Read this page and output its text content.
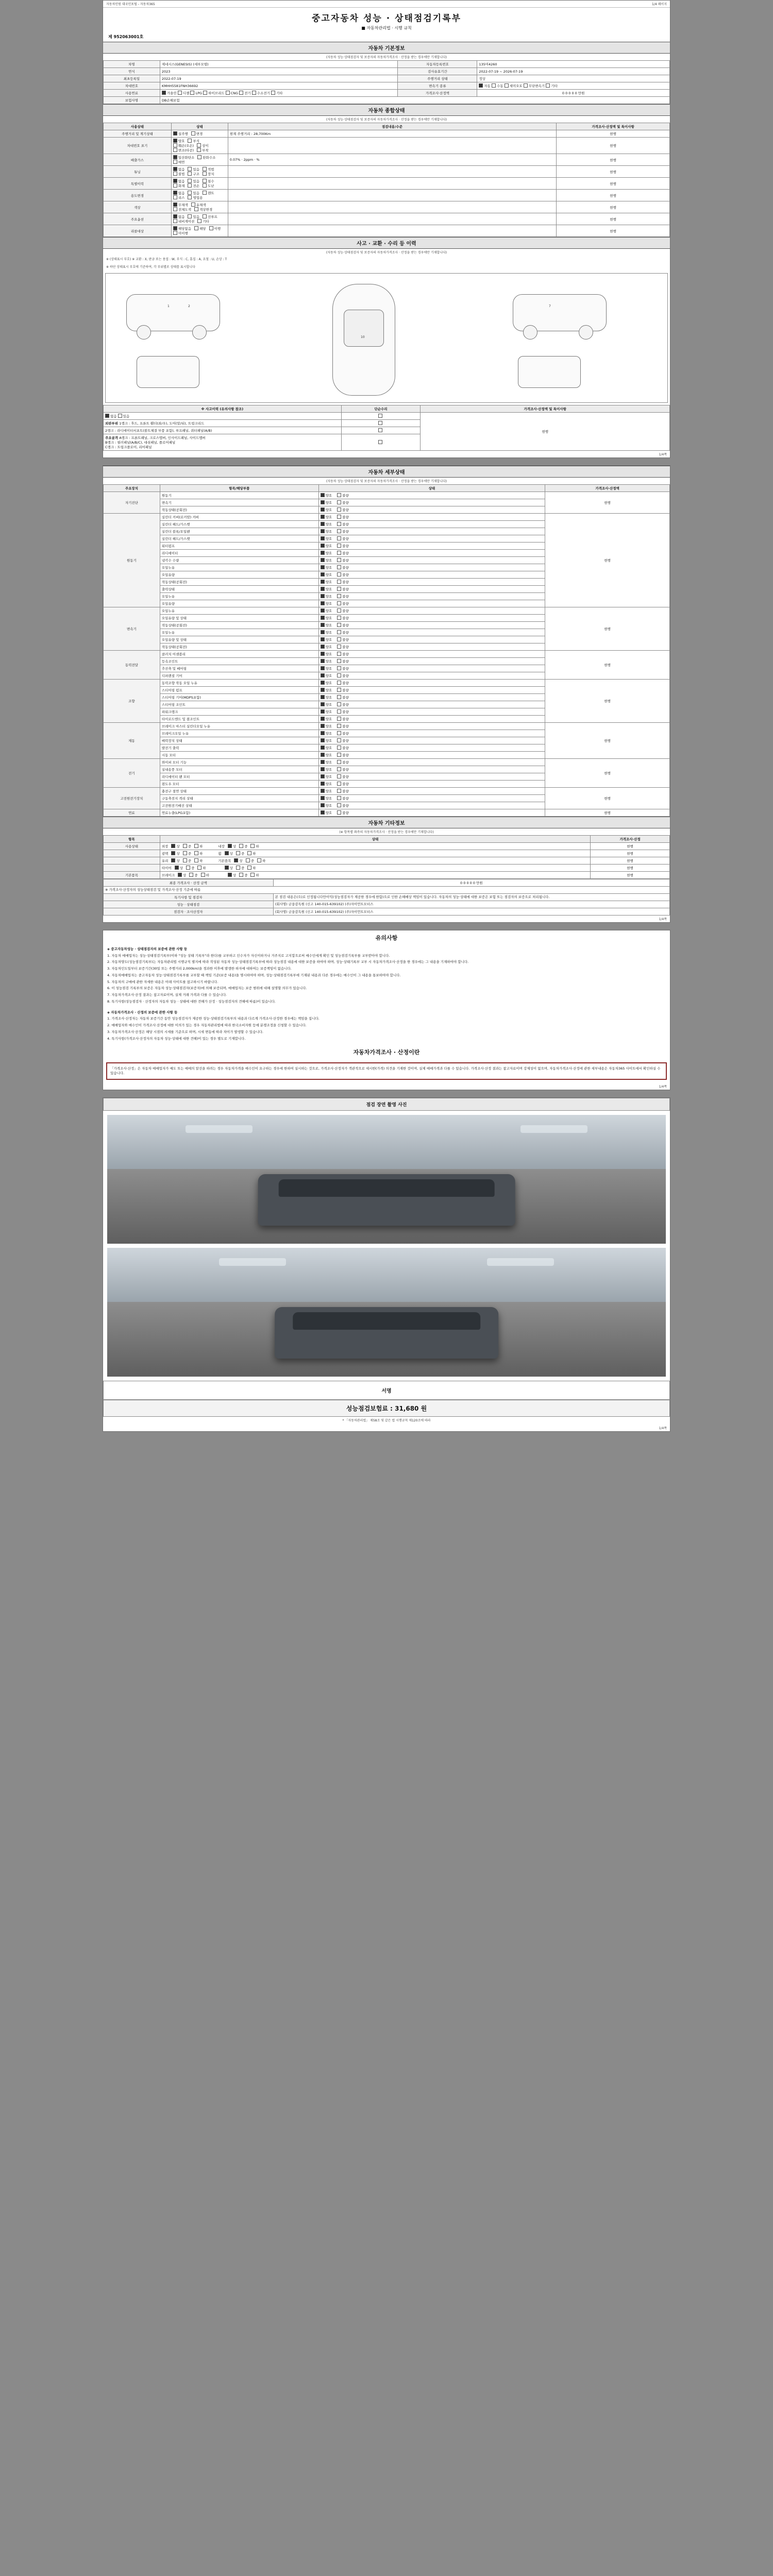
자동차민원 대국민포털 - 자동차365	1/4 페이지
중고자동차 성능 · 상태점검기록부
■ 자동차관리법 · 시행 규칙
제 952063001호
자동차 기본정보
(자동차 성능·상태점검자 및 보증자의 자동차가격조사 · 산정을 받는 경우에만 기재합니다)
차명	제네시스(GENESIS) (세부모델)	자동차등록번호	135머4260
연식	2023	검사유효기간	2022-07-19 ~ 2026-07-19
최초등록일	2022-07-19	주행거리 상태	정상
차대번호	KMHH5581FNH36692	변속기 종류	자동 수동 세미오토 무단변속기 기타
사용연료	가솔린 디젤 LPG 하이브리드 CNG 전기 수소전기 기타	가격조사·산정액	0 0 0 0 0 만원
보험사명	DB손해보험		
자동차 종합상태
(자동차 성능·상태점검자 및 보증자의 자동차가격조사 · 산정을 받는 경우에만 기재합니다)
사용상태	상태	점검내용/수준	가격조사·산정액 및 특이사항
주행거리 및 계기상태	실주행 변경	현재 주행거리 : 28,700Km	현행
차대번호 표기	양호 부식훼손(오손) 상이변조(타공) 부착		현행
배출가스	일산화탄소 탄화수소매연	0.07% · 2ppm · %	현행
튜닝	없음 있음 적법불법 구조 장치		현행
특별이력	없음 있음 침수화재 전손 도난		현행
용도변경	없음 있음 렌트리스 영업용		현행
색상	무채색 유채색전체도색 색상변경		현행
주요옵션	없음 있음 선루프내비게이션 기타		현행
리콜대상	해당없음 해당 이행미이행		현행
사고 · 교환 · 수리 등 이력
(자동차 성능·상태점검자 및 보증자의 자동차가격조사 · 산정을 받는 경우에만 기재합니다)
※ (상태표시 부호) ※ 교환 : X, 판금 또는 용접 : W, 부식 : C, 흠집 : A, 요철 : U, 손상 : T
※ 하단 상태표시 부호에 기준하여, 각 부위별로 상태를 표시합니다
1	2
10
7
※ 사고이력 (유의사항 참조)	단순수리	가격조사·산정액 및 특이사항
없음 있음		현행
외판부위 1랭크 : 후드, 프론트 휀더(좌/우), 도어(앞/뒤), 트렁크리드		
2랭크 : 라디에이터서포트(볼트체결 부품 포함), 루프패널, 쿼터패널(A/B)		
주요골격 A랭크 : 프론트패널, 크로스멤버, 인사이드패널, 사이드멤버
B랭크 : 필러패널(A/B/C), 대쉬패널, 플로어패널
C랭크 : 트렁크플로어, 리어패널		
1/4쪽
자동차 세부상태
(자동차 성능·상태점검자 및 보증자의 자동차가격조사 · 산정을 받는 경우에만 기재합니다)
주요장치	항목/해당부품	상태	가격조사·산정액
자기진단	원동기	양호 불량	현행
	변속기	양호 불량	
	작동상태(공회전)	양호 불량	
원동기	실린더 커버(로커암) 커버	양호 불량	현행
	실린더 헤드/가스켓	양호 불량	
	실린더 블록/오일팬	양호 불량	
	실린더 헤드/가스켓	양호 불량	
	워터펌프	양호 불량	
	라디에이터	양호 불량	
	냉각수 수량	양호 불량	
	오일누유	양호 불량	
	오일유량	양호 불량	
	작동상태(공회전)	양호 불량	
	출력상태	양호 불량	
	오일누유	양호 불량	
	오일유량	양호 불량	
변속기	오일누유	양호 불량	현행
	오일유량 및 상태	양호 불량	
	작동상태(공회전)	양호 불량	
	오일누유	양호 불량	
	오일유량 및 상태	양호 불량	
	작동상태(공회전)	양호 불량	
동력전달	클러치 어셈블리	양호 불량	현행
	등속조인트	양호 불량	
	추진축 및 베어링	양호 불량	
	디퍼렌셜 기어	양호 불량	
조향	동력조향 작동 오일 누유	양호 불량	현행
	스티어링 펌프	양호 불량	
	스티어링 기어(MDPS포함)	양호 불량	
	스티어링 조인트	양호 불량	
	파워크랭크	양호 불량	
	타이로드엔드 및 볼조인트	양호 불량	
제동	브레이크 마스터 실린더오일 누유	양호 불량	현행
	브레이크오일 누유	양호 불량	
	배력장치 상태	양호 불량	
	발전기 출력	양호 불량	
	시동 모터	양호 불량	
전기	와이퍼 모터 기능	양호 불량	현행
	실내송풍 모터	양호 불량	
	라디에이터 팬 모터	양호 불량	
	윈도우 모터	양호 불량	
고전원전기장치	충전구 절연 상태	양호 불량	현행
	구동축전지 격리 상태	양호 불량	
	고전원전기배선 상태	양호 불량	
연료	연료누출(LPG포함)	양호 불량	현행
자동차 기타정보
(※ 항목별 좌측의 자동차가격조사 · 산정을 받는 경우에만 기재합니다)
항목	상태	가격조사·산정
사용상태	외장 상 중 하 내장 상 중 하	현행
	광택 상 중 하 휠 상 중 하	현행
	유리 상 중 하 기본품목 상 중 하	현행
	타이어 상 중 하 상 중 하	현행
기본품목	브레이크 상 중 하 상 중 하	현행
최종 가격조사 · 산정 금액	0 0 0 0 0 만원
※ 가격조사·산정자의 성능상태점검 및 가격조사·산정 기준에 따름	
특기사항 및 점검자	본 점검 내용은(으)로 인정됩니다만이익(성능점검자가 제공한 경우에 한함)으로 인한 손해배상 책임이 있습니다. 자동차의 성능·상태에 대한 보증은 보험 또는 점검자의 보증으로 처리됩니다.
성능 · 상태점검	(회사명) 금융감독원 (신고 140-015-639102) (주)자이언트모터스
점검자 · 조사산정자	(회사명) 금융감독원 (신고 140-015-639102) (주)자이언트모터스
1/4쪽
유의사항

◈ 중고자동차성능 · 상태점검자의 보증에 관한 사항 등

1. 자동차 매매업자는 성능·상태점검기록부(이하 "성능 상태 기록부"라 한다)를 교부하고 인수자가 자신이하거나 거주지로 고지합으로써 매수인에게 확인 및 성능점검기록부를 교부받아야 합니다.

2. 자동차양도(성능점검기록부)는 자동차관리법 시행규칙 별지에 따라 작성된 자동차 성능·상태점검기록부에 따라 성능점검 내용에 대한 보증을 하여야 하며, 성능·상태기록부 교부 시 자동차가격조사·산정을 한 경우에는 그 내용을 기재하여야 합니다.

3. 자동차인도일부터 보증기간(30일 또는 주행거리 2,000km)을 경과한 이후에 발생한 하자에 대하여는 보증책임이 없습니다.

4. 자동차매매업자는 중고자동차 성능·상태점검기록부를 교부할 때 책임 기준(보증 내용)을 명시하여야 하며, 성능·상태점검기록부에 기재된 내용과 다른 경우에는 매수인이 그 내용을 통보하여야 합니다.

5. 자동차의 구매에 관한 자세한 내용은 아래 사이트를 참고하시기 바랍니다.

6. 이 성능점검 기록부의 보증은 자동차 성능·상태점검자(보증자)에 의해 보증되며, 매매업자는 보증 범위에 대해 설명할 의무가 있습니다.

7. 자동차가격조사·산정 결과는 참고자료이며, 실제 거래 가격과 다를 수 있습니다.

8. 특기사항(성능점검자 · 산정자의 자동차 성능 · 상태에 대한 견해가 산정 · 성능점검자의 견해에 따름)이 있습니다.

◈ 자동차가격조사 · 산정의 보증에 관한 사항 등

1. 가격조사·산정자는 자동차 보증기간 동안 성능점검자가 제공한 성능·상태점검기록부의 내용과 다르게 가격조사·산정한 경우에는 책임을 집니다.

2. 매매업자와 매수인이 가격조사·산정에 대한 이의가 있는 경우 자동차관리법에 따라 한국소비자원 등에 분쟁조정을 신청할 수 있습니다.

3. 자동차가격조사·산정은 해당 시점의 시세를 기준으로 하며, 시세 변동에 따라 차이가 발생할 수 있습니다.

4. 특기사항(가격조사·산정자의 자동차 성능·상태에 대한 견해)이 있는 경우 별도로 기재합니다.

자동차가격조사 · 산정이란
「가격조사·산정」은 자동차 매매업자가 매도 또는 매매의 알선을 하려는 경우 자동차가격을 매수인이 요구하는 경우에 한하여 실시하는 것으로, 가격조사·산정자가 객관적으로 세시한(가격) 의견을 기재한 것이며, 실제 매매가격과 다를 수 있습니다. 가격조사·산정 결과는 참고자료이며 강제성이 없으며, 자동차가격조사·산정에 관한 세부내용은 자동차365 사이트에서 확인하실 수 있습니다.
1/4쪽
점검 장면 촬영 사진
서명
성능점검보험료 : 31,680 원
* 「자동차관리법」 제58조 및 같은 법 시행규칙 제120조에 따라
1/4쪽
